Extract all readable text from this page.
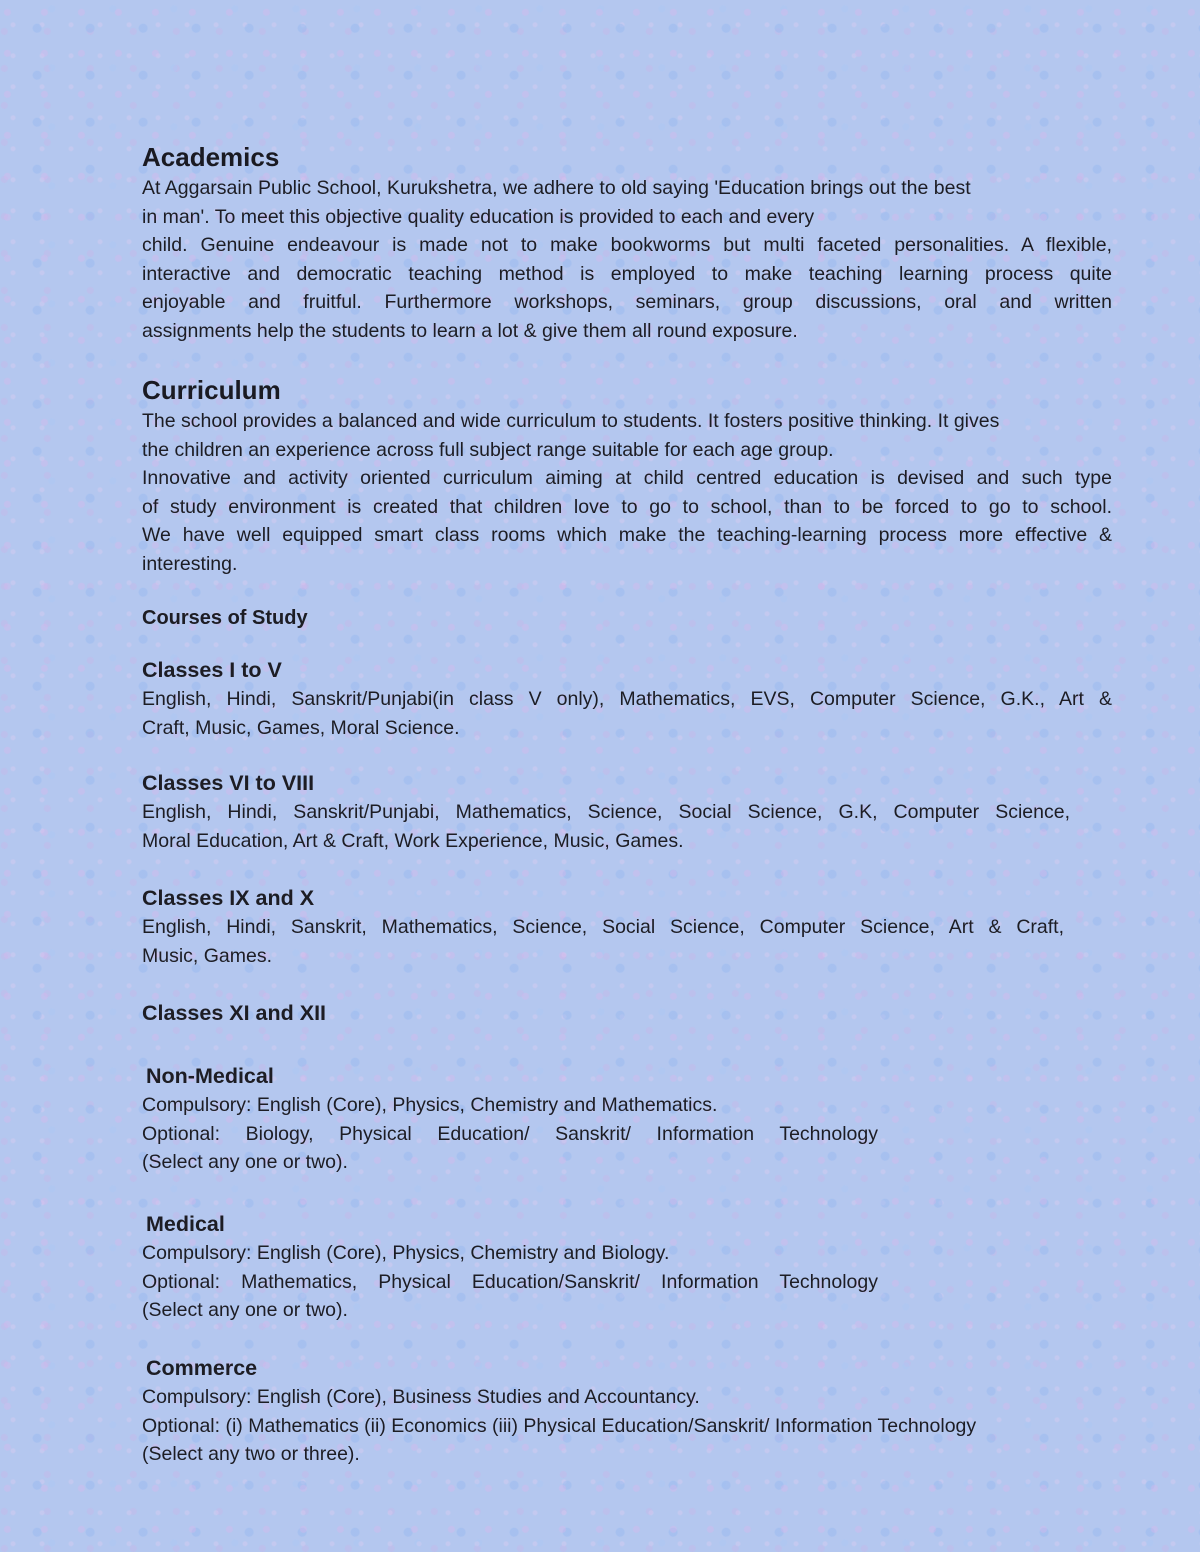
Academics

At Aggarsain Public School, Kurukshetra, we adhere to old saying 'Education brings out the best
in man'. To meet this objective quality education is provided to each and every
child. Genuine endeavour is made not to make bookworms but multi faceted personalities. A flexible,
interactive and democratic teaching method is employed to make teaching learning process quite
enjoyable and fruitful. Furthermore workshops, seminars, group discussions, oral and written
assignments help the students to learn a lot & give them all round exposure.

Curriculum

The school provides a balanced and wide curriculum to students. It fosters positive thinking. It gives
the children an experience across full subject range suitable for each age group.
Innovative and activity oriented curriculum aiming at child centred education is devised and such type
of study environment is created that children love to go to school, than to be forced to go to school.
We have well equipped smart class rooms which make the teaching-learning process more effective &
interesting.

Courses of Study
Classes I to V

English, Hindi, Sanskrit/Punjabi(in class V only), Mathematics, EVS, Computer Science, G.K., Art &
Craft, Music, Games, Moral Science.

Classes VI to VIII

English, Hindi, Sanskrit/Punjabi, Mathematics, Science, Social Science, G.K, Computer Science,
Moral Education, Art & Craft, Work Experience, Music, Games.

Classes IX and X

English, Hindi, Sanskrit, Mathematics, Science, Social Science, Computer Science, Art & Craft,
Music, Games.

Classes XI and XII
Non-Medical

Compulsory: English (Core), Physics, Chemistry and Mathematics.
Optional: Biology, Physical Education/ Sanskrit/ Information Technology
(Select any one or two).

Medical

Compulsory: English (Core), Physics, Chemistry and Biology.
Optional: Mathematics, Physical Education/Sanskrit/ Information Technology
(Select any one or two).

Commerce

Compulsory: English (Core), Business Studies and Accountancy.
Optional: (i) Mathematics (ii) Economics (iii) Physical Education/Sanskrit/ Information Technology
(Select any two or three).
